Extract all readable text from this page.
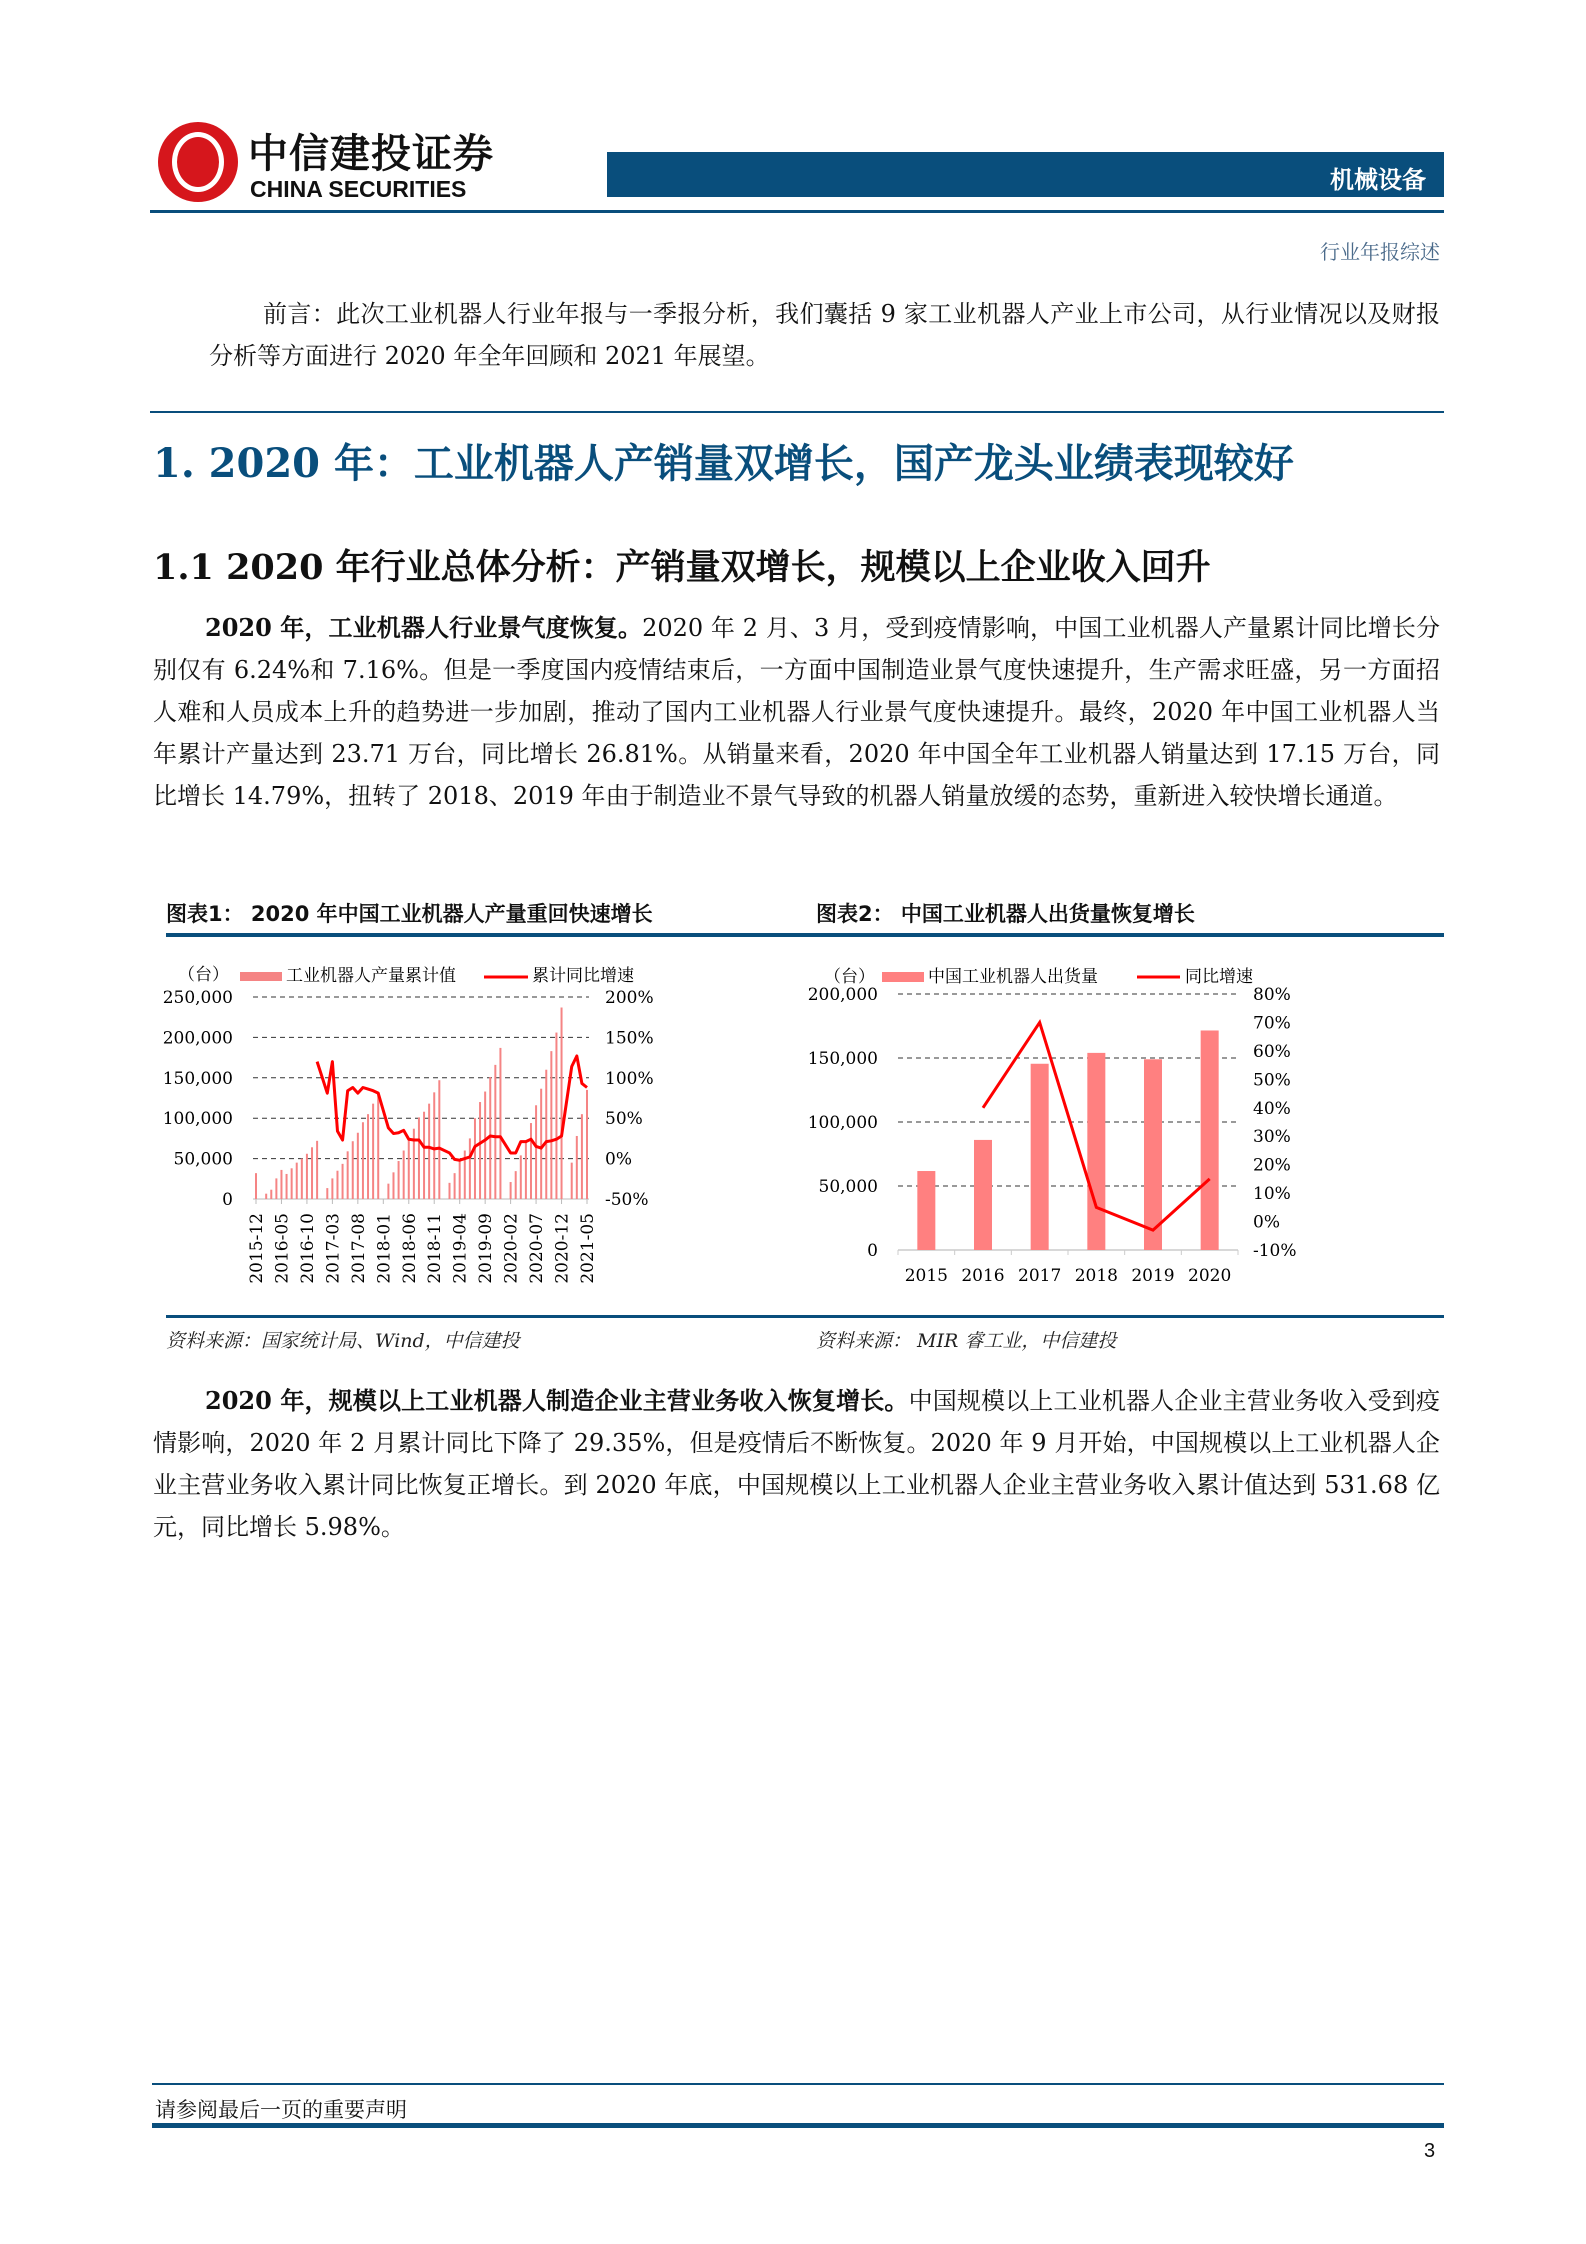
中信建投证券
CHINA SECURITIES	机械设备
行业年报综述
前言：此次工业机器人行业年报与一季报分析，我们囊括 9 家工业机器人产业上市公司，从行业情况以及财报分析等方面进行 2020 年全年回顾和 2021 年展望。
1. 2020 年：工业机器人产销量双增长，国产龙头业绩表现较好
1.1 2020 年行业总体分析：产销量双增长，规模以上企业收入回升
2020 年，工业机器人行业景气度恢复。2020 年 2 月、3 月，受到疫情影响，中国工业机器人产量累计同比增长分别仅有 6.24%和 7.16%。但是一季度国内疫情结束后，一方面中国制造业景气度快速提升，生产需求旺盛，另一方面招人难和人员成本上升的趋势进一步加剧，推动了国内工业机器人行业景气度快速提升。最终，2020 年中国工业机器人当年累计产量达到 23.71 万台，同比增长 26.81%。从销量来看，2020 年中国全年工业机器人销量达到 17.15 万台，同比增长 14.79%，扭转了 2018、2019 年由于制造业不景气导致的机器人销量放缓的态势，重新进入较快增长通道。
图表1： 2020 年中国工业机器人产量重回快速增长	图表2： 中国工业机器人出货量恢复增长
250,000
200,000
150,000
100,000
50,000
0
200%
150%
100%
50%
0%
-50%
2015-12 2016-05 2016-10 2017-03 2017-08 2018-01 2018-06 2018-11 2019-04 2019-09 2020-02 2020-07 2020-12 2021-05
（台）	工业机器人产量累计值	累计同比增速
200,000
150,000
100,000
50,000
0
80%
70%
60%
50%
40%
30%
20%
10%
0%
-10%
2015 2016 2017 2018 2019 2020
（台）	中国工业机器人出货量	同比增速
资料来源：国家统计局、Wind，中信建投	资料来源： MIR 睿工业，中信建投
2020 年，规模以上工业机器人制造企业主营业务收入恢复增长。中国规模以上工业机器人企业主营业务收入受到疫情影响，2020 年 2 月累计同比下降了 29.35%，但是疫情后不断恢复。2020 年 9 月开始，中国规模以上工业机器人企业主营业务收入累计同比恢复正增长。到 2020 年底，中国规模以上工业机器人企业主营业务收入累计值达到 531.68 亿元，同比增长 5.98%。
请参阅最后一页的重要声明
3
